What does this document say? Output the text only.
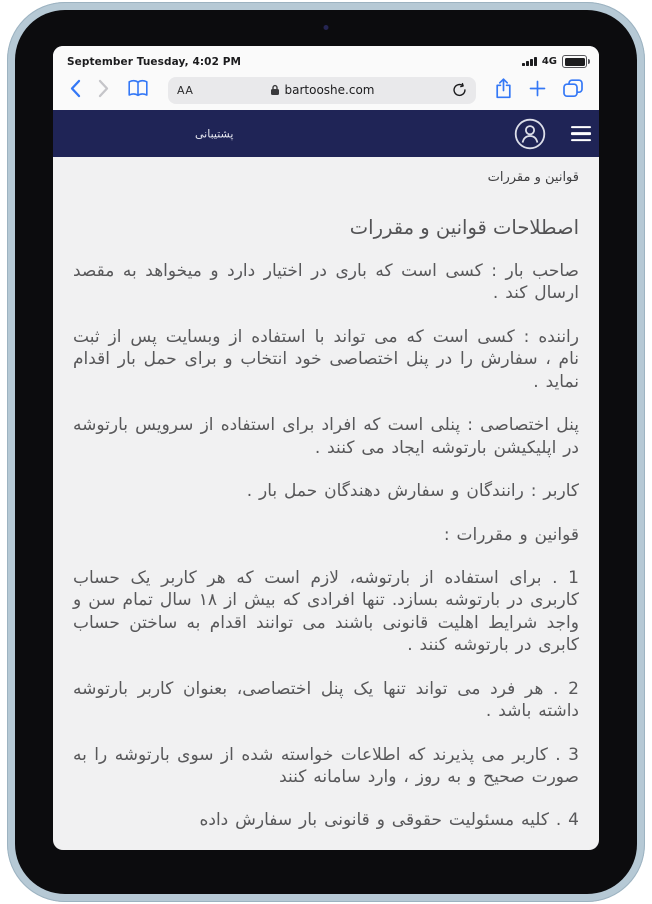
September Tuesday, 4:02 PM	4G
AA	bartooshe.com
پشتیبانی
قوانین و مقررات
اصطلاحات قوانین و مقررات

صاحب بار : کسی است که باری در اختیار دارد و میخواهد به مقصد ارسال کند .

راننده : کسی است که می تواند با استفاده از وبسایت پس از ثبت نام ، سفارش را در پنل اختصاصی خود انتخاب و برای حمل بار اقدام نماید .

پنل اختصاصی : پنلی است که افراد برای استفاده از سرویس بارتوشه در اپلیکیشن بارتوشه ایجاد می کنند .

کاربر : رانندگان و سفارش دهندگان حمل بار .

قوانین و مقررات :

1 . برای استفاده از بارتوشه، لازم است که هر کاربر یک حساب کاربری در بارتوشه بسازد. تنها افرادی که بیش از ۱۸ سال تمام سن و واجد شرایط اهلیت قانونی باشند می توانند اقدام به ساختن حساب کابری در بارتوشه کنند .

2 . هر فرد می تواند تنها یک پنل اختصاصی، بعنوان کاربر بارتوشه داشته باشد .

3 . کاربر می پذیرند که اطلاعات خواسته شده از سوی بارتوشه را به صورت صحیح و به روز ، وارد سامانه کنند

4 . کلیه مسئولیت حقوقی و قانونی بار سفارش داده
